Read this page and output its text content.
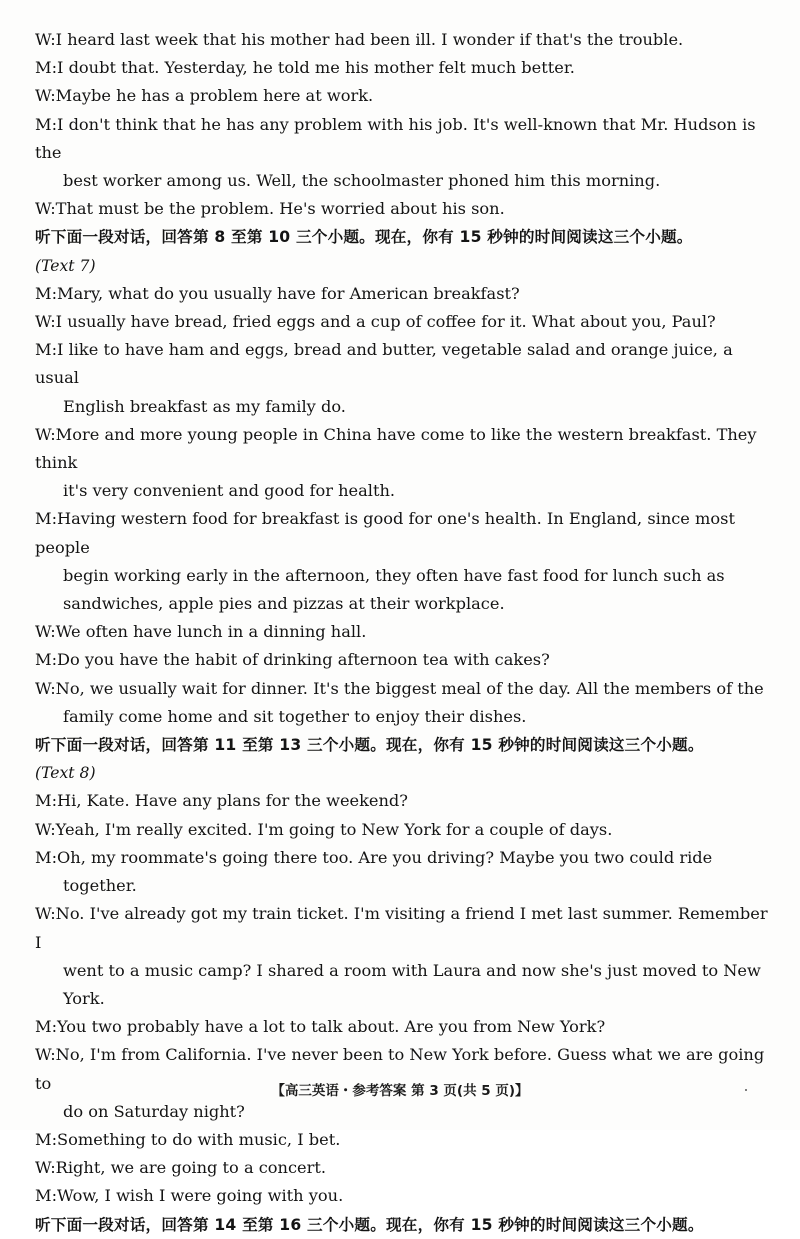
W:I heard last week that his mother had been ill. I wonder if that's the trouble.

M:I doubt that. Yesterday, he told me his mother felt much better.

W:Maybe he has a problem here at work.

M:I don't think that he has any problem with his job. It's well-known that Mr. Hudson is the

best worker among us. Well, the schoolmaster phoned him this morning.

W:That must be the problem. He's worried about his son.

听下面一段对话，回答第 8 至第 10 三个小题。现在，你有 15 秒钟的时间阅读这三个小题。

(Text 7)

M:Mary, what do you usually have for American breakfast?

W:I usually have bread, fried eggs and a cup of coffee for it. What about you, Paul?

M:I like to have ham and eggs, bread and butter, vegetable salad and orange juice, a usual

English breakfast as my family do.

W:More and more young people in China have come to like the western breakfast. They think

it's very convenient and good for health.

M:Having western food for breakfast is good for one's health. In England, since most people

begin working early in the afternoon, they often have fast food for lunch such as

sandwiches, apple pies and pizzas at their workplace.

W:We often have lunch in a dinning hall.

M:Do you have the habit of drinking afternoon tea with cakes?

W:No, we usually wait for dinner. It's the biggest meal of the day. All the members of the

family come home and sit together to enjoy their dishes.

听下面一段对话，回答第 11 至第 13 三个小题。现在，你有 15 秒钟的时间阅读这三个小题。

(Text 8)

M:Hi, Kate. Have any plans for the weekend?

W:Yeah, I'm really excited. I'm going to New York for a couple of days.

M:Oh, my roommate's going there too. Are you driving? Maybe you two could ride

together.

W:No. I've already got my train ticket. I'm visiting a friend I met last summer. Remember I

went to a music camp? I shared a room with Laura and now she's just moved to New

York.

M:You two probably have a lot to talk about. Are you from New York?

W:No, I'm from California. I've never been to New York before. Guess what we are going to

do on Saturday night?

M:Something to do with music, I bet.

W:Right, we are going to a concert.

M:Wow, I wish I were going with you.

听下面一段对话，回答第 14 至第 16 三个小题。现在，你有 15 秒钟的时间阅读这三个小题。

【高三英语・参考答案 第 3 页(共 5 页)】
